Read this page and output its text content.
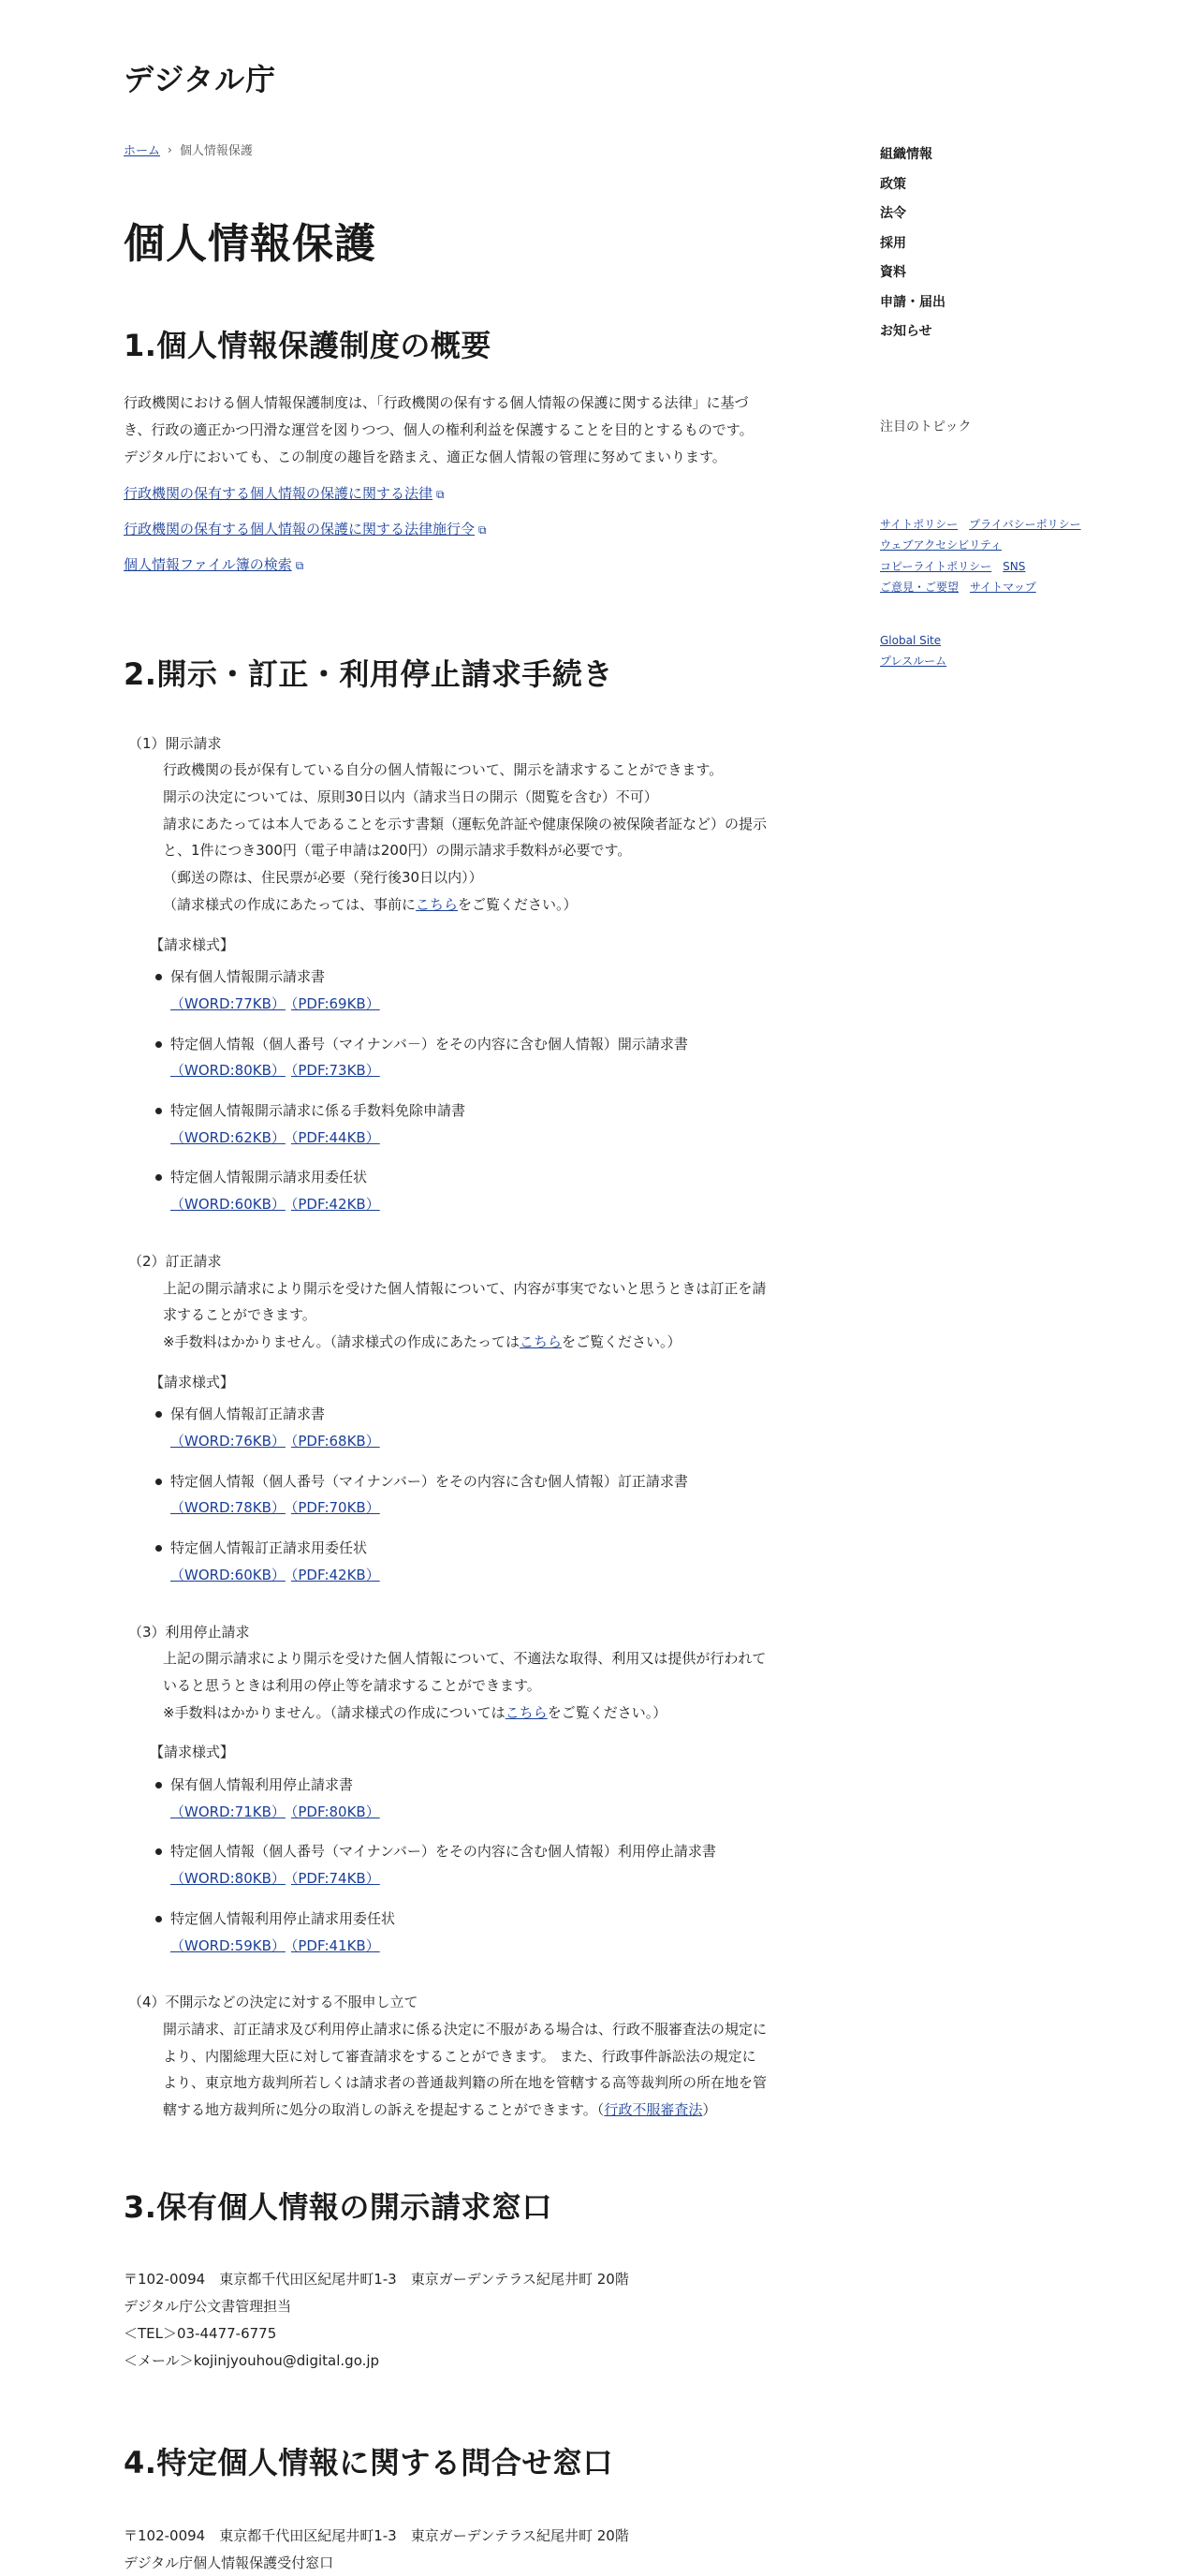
デジタル庁
ホーム › 個人情報保護
個人情報保護
1.個人情報保護制度の概要
行政機関における個人情報保護制度は、「行政機関の保有する個人情報の保護に関する法律」に基づ
き、行政の適正かつ円滑な運営を図りつつ、個人の権利利益を保護することを目的とするものです。
デジタル庁においても、この制度の趣旨を踏まえ、適正な個人情報の管理に努めてまいります。
行政機関の保有する個人情報の保護に関する法律 ⧉
行政機関の保有する個人情報の保護に関する法律施行令 ⧉
個人情報ファイル簿の検索 ⧉
2.開示・訂正・利用停止請求手続き
（1）開示請求
行政機関の長が保有している自分の個人情報について、開示を請求することができます。
開示の決定については、原則30日以内（請求当日の開示（閲覧を含む）不可）
請求にあたっては本人であることを示す書類（運転免許証や健康保険の被保険者証など）の提示
と、1件につき300円（電子申請は200円）の開示請求手数料が必要です。
（郵送の際は、住民票が必要（発行後30日以内））
（請求様式の作成にあたっては、事前にこちらをご覧ください。）
【請求様式】
保有個人情報開示請求書
（WORD:77KB） （PDF:69KB）
特定個人情報（個人番号（マイナンバ－）をその内容に含む個人情報）開示請求書
（WORD:80KB） （PDF:73KB）
特定個人情報開示請求に係る手数料免除申請書
（WORD:62KB） （PDF:44KB）
特定個人情報開示請求用委任状
（WORD:60KB） （PDF:42KB）
（2）訂正請求
上記の開示請求により開示を受けた個人情報について、内容が事実でないと思うときは訂正を請
求することができます。
※手数料はかかりません。（請求様式の作成にあたってはこちらをご覧ください。）
【請求様式】
保有個人情報訂正請求書
（WORD:76KB） （PDF:68KB）
特定個人情報（個人番号（マイナンバー）をその内容に含む個人情報）訂正請求書
（WORD:78KB） （PDF:70KB）
特定個人情報訂正請求用委任状
（WORD:60KB） （PDF:42KB）
（3）利用停止請求
上記の開示請求により開示を受けた個人情報について、不適法な取得、利用又は提供が行われて
いると思うときは利用の停止等を請求することができます。
※手数料はかかりません。（請求様式の作成についてはこちらをご覧ください。）
【請求様式】
保有個人情報利用停止請求書
（WORD:71KB） （PDF:80KB）
特定個人情報（個人番号（マイナンバー）をその内容に含む個人情報）利用停止請求書
（WORD:80KB） （PDF:74KB）
特定個人情報利用停止請求用委任状
（WORD:59KB） （PDF:41KB）
（4）不開示などの決定に対する不服申し立て
開示請求、訂正請求及び利用停止請求に係る決定に不服がある場合は、行政不服審査法の規定に
より、内閣総理大臣に対して審査請求をすることができます。 また、行政事件訴訟法の規定に
より、東京地方裁判所若しくは請求者の普通裁判籍の所在地を管轄する高等裁判所の所在地を管
轄する地方裁判所に処分の取消しの訴えを提起することができます。（行政不服審査法）
3.保有個人情報の開示請求窓口
〒102-0094　東京都千代田区紀尾井町1-3　東京ガーデンテラス紀尾井町 20階
デジタル庁公文書管理担当
＜TEL＞03-4477-6775
＜メール＞kojinjyouhou@digital.go.jp
4.特定個人情報に関する問合せ窓口
〒102-0094　東京都千代田区紀尾井町1-3　東京ガーデンテラス紀尾井町 20階
デジタル庁個人情報保護受付窓口
組織情報
政策
法令
採用
資料
申請・届出
お知らせ
注目のトピック
サイトポリシー プライバシーポリシー
ウェブアクセシビリティ
コピーライトポリシー SNS
ご意見・ご要望 サイトマップ
Global Site
プレスルーム
